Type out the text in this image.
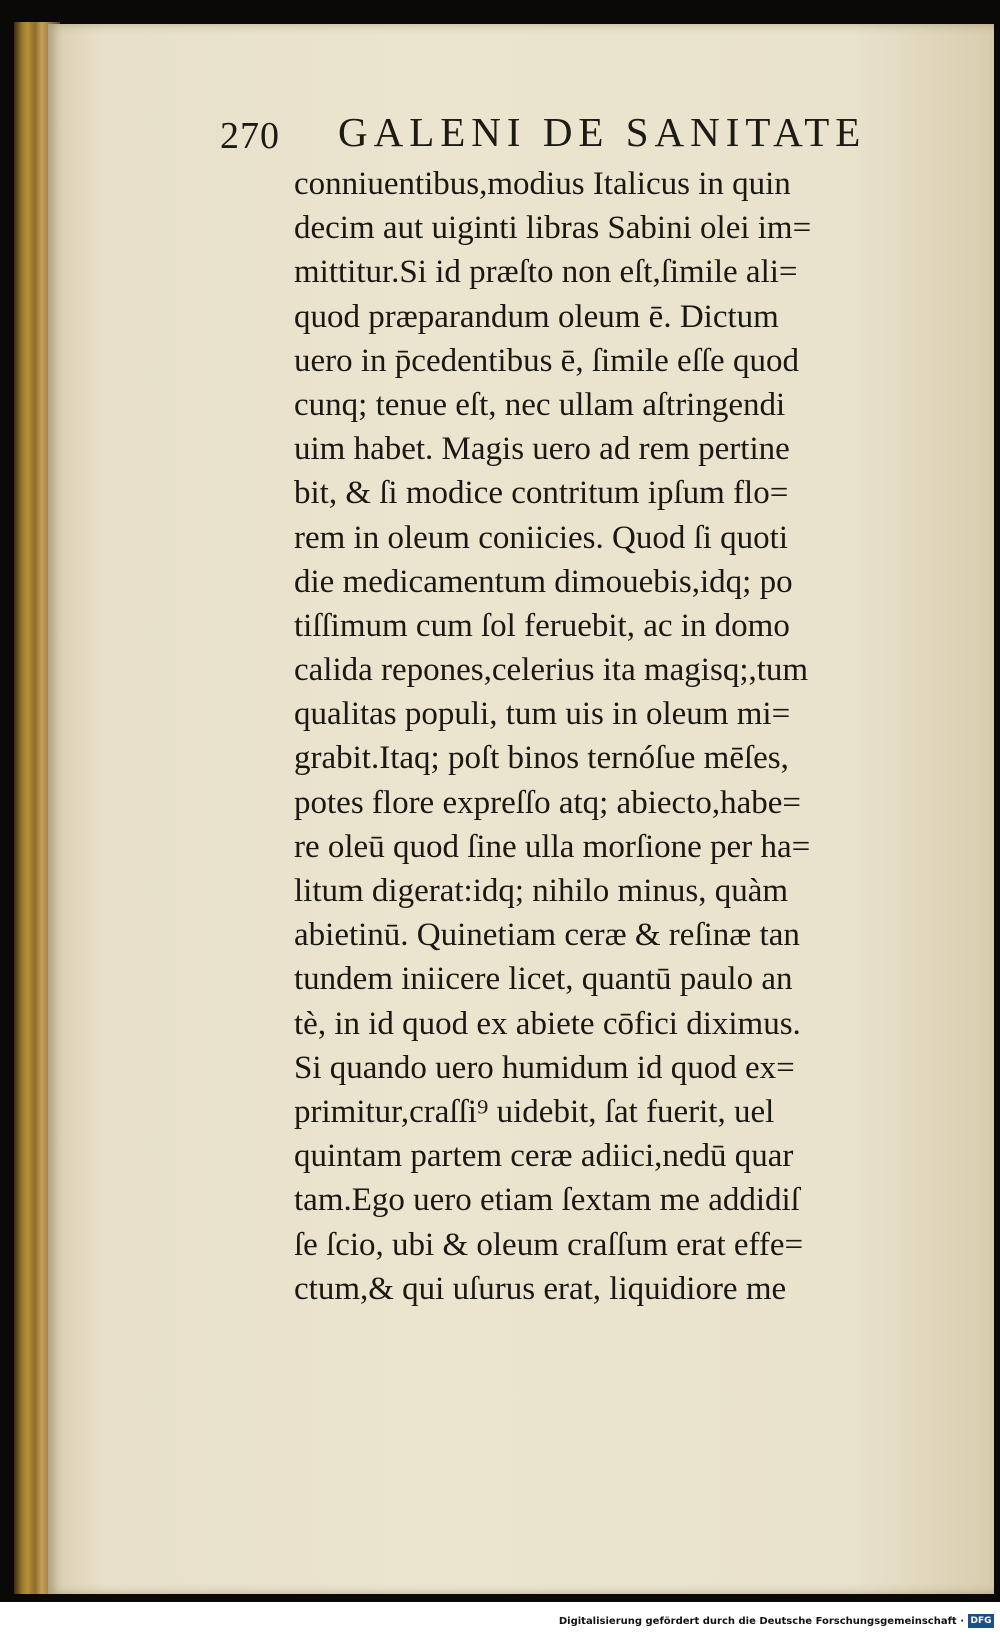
270 GALENI DE SANITATE
conniuentibus,modius Italicus in quin
decim aut uiginti libras Sabini olei im=
mittitur.Si id præſto non eſt,ſimile ali=
quod præparandum oleum ē. Dictum
uero in p̄cedentibus ē, ſimile eſſe quod
cunq; tenue eſt, nec ullam aſtringendi
uim habet. Magis uero ad rem pertine
bit, & ſi modice contritum ipſum flo=
rem in oleum coniicies. Quod ſi quoti
die medicamentum dimouebis,idq; po
tiſſimum cum ſol feruebit, ac in domo
calida repones,celerius ita magisq;,tum
qualitas populi, tum uis in oleum mi=
grabit.Itaq; poſt binos ternóſue mēſes,
potes flore expreſſo atq; abiecto,habe=
re oleū quod ſine ulla morſione per ha=
litum digerat:idq; nihilo minus, quàm
abietinū. Quinetiam ceræ & reſinæ tan
tundem iniicere licet, quantū paulo an
tè, in id quod ex abiete cōfici diximus.
Si quando uero humidum id quod ex=
primitur,craſſi⁹ uidebit, ſat fuerit, uel
quintam partem ceræ adiici,nedū quar
tam.Ego uero etiam ſextam me addidiſ
ſe ſcio, ubi & oleum craſſum erat effe=
ctum,& qui uſurus erat, liquidiore me
Digitalisierung gefördert durch die Deutsche Forschungsgemeinschaft · DFG
